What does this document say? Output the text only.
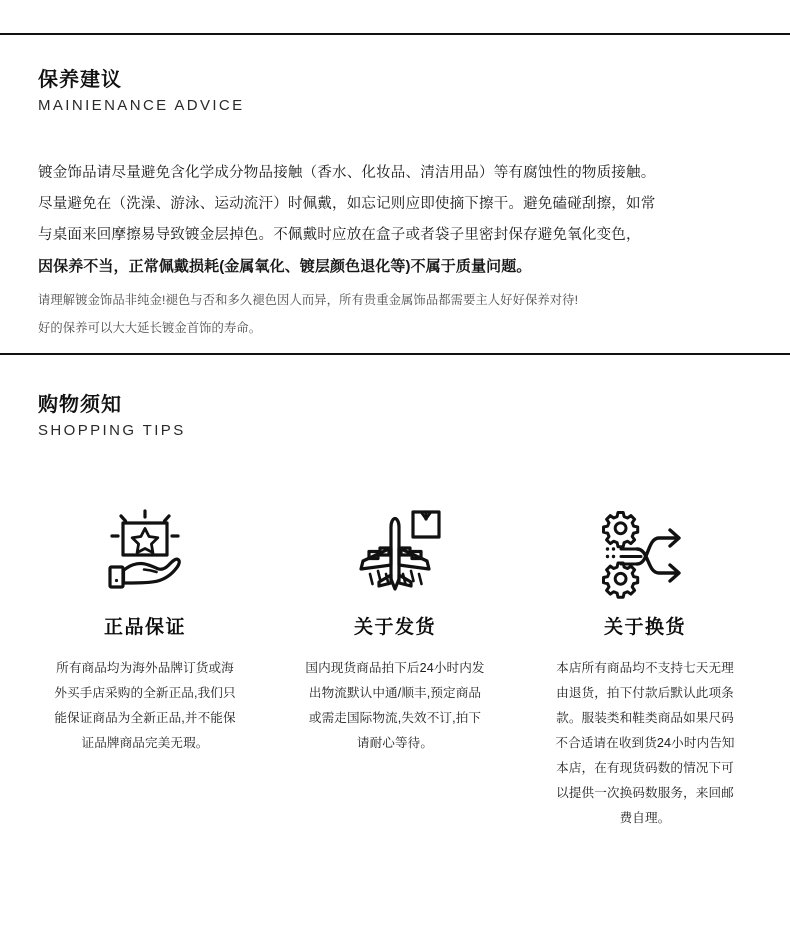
保养建议
MAINIENANCE ADVICE

镀金饰品请尽量避免含化学成分物品接触（香水、化妆品、清洁用品）等有腐蚀性的物质接触。

尽量避免在（洗澡、游泳、运动流汗）时佩戴，如忘记则应即使摘下擦干。避免磕碰刮擦，如常

与桌面来回摩擦易导致镀金层掉色。不佩戴时应放在盒子或者袋子里密封保存避免氧化变色，

因保养不当，正常佩戴损耗(金属氧化、镀层颜色退化等)不属于质量问题。

请理解镀金饰品非纯金!褪色与否和多久褪色因人而异，所有贵重金属饰品都需要主人好好保养对待!

好的保养可以大大延长镀金首饰的寿命。

购物须知
SHOPPING TIPS
正品保证
所有商品均为海外品牌订货或海外买手店采购的全新正品,我们只能保证商品为全新正品,并不能保证品牌商品完美无瑕。
关于发货
国内现货商品拍下后24小时内发出物流默认中通/顺丰,预定商品或需走国际物流,失效不订,拍下请耐心等待。
关于换货
本店所有商品均不支持七天无理由退货，拍下付款后默认此项条款。服装类和鞋类商品如果尺码不合适请在收到货24小时内告知本店，在有现货码数的情况下可以提供一次换码数服务，来回邮费自理。
